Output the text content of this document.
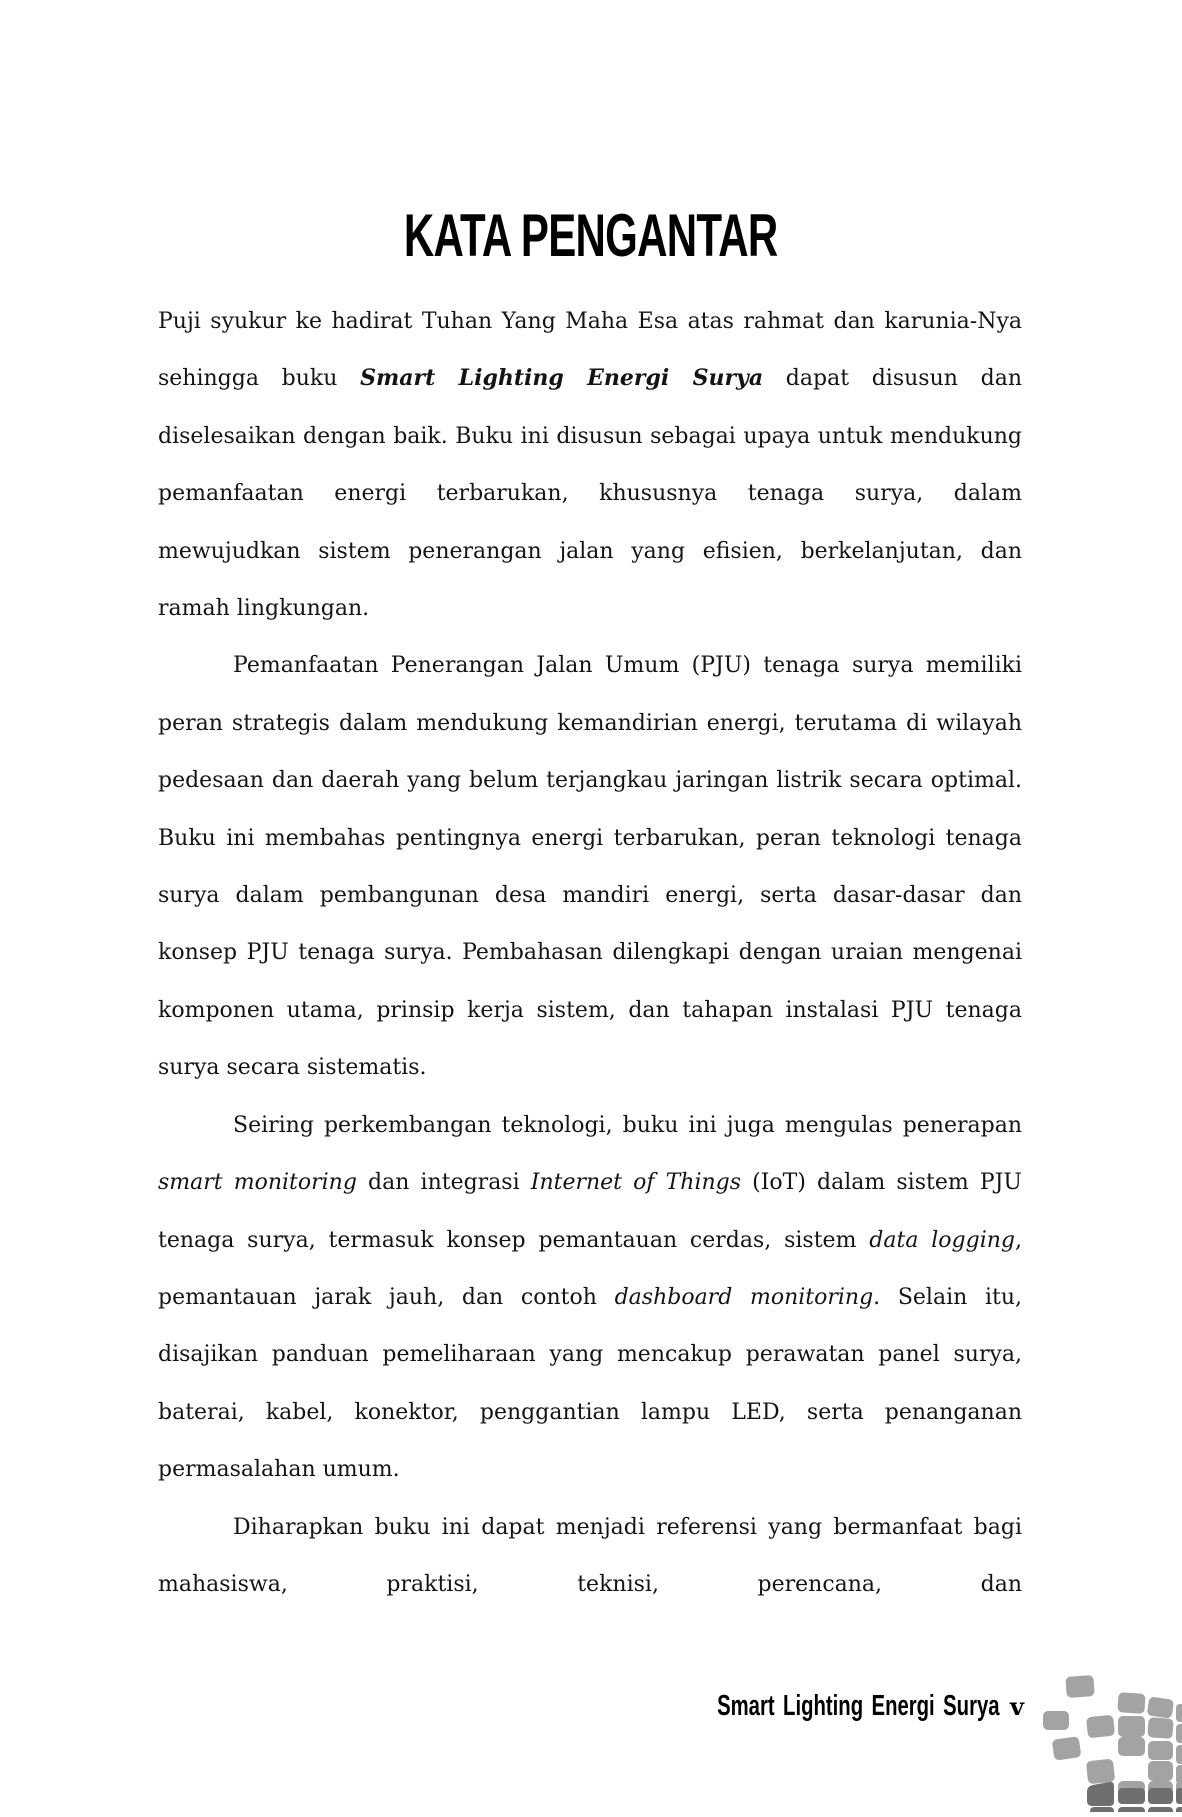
KATA PENGANTAR

Puji syukur ke hadirat Tuhan Yang Maha Esa atas rahmat dan karunia-Nya sehingga buku Smart Lighting Energi Surya dapat disusun dan diselesaikan dengan baik. Buku ini disusun sebagai upaya untuk mendukung pemanfaatan energi terbarukan, khususnya tenaga surya, dalam mewujudkan sistem penerangan jalan yang efisien, berkelanjutan, dan ramah lingkungan.

Pemanfaatan Penerangan Jalan Umum (PJU) tenaga surya memiliki peran strategis dalam mendukung kemandirian energi, terutama di wilayah pedesaan dan daerah yang belum terjangkau jaringan listrik secara optimal. Buku ini membahas pentingnya energi terbarukan, peran teknologi tenaga surya dalam pembangunan desa mandiri energi, serta dasar-dasar dan konsep PJU tenaga surya. Pembahasan dilengkapi dengan uraian mengenai komponen utama, prinsip kerja sistem, dan tahapan instalasi PJU tenaga surya secara sistematis.

Seiring perkembangan teknologi, buku ini juga mengulas penerapan smart monitoring dan integrasi Internet of Things (IoT) dalam sistem PJU tenaga surya, termasuk konsep pemantauan cerdas, sistem data logging, pemantauan jarak jauh, dan contoh dashboard monitoring. Selain itu, disajikan panduan pemeliharaan yang mencakup perawatan panel surya, baterai, kabel, konektor, penggantian lampu LED, serta penanganan permasalahan umum.

Diharapkan buku ini dapat menjadi referensi yang bermanfaat bagi mahasiswa, praktisi, teknisi, perencana, dan

Smart Lighting Energi Surya v
